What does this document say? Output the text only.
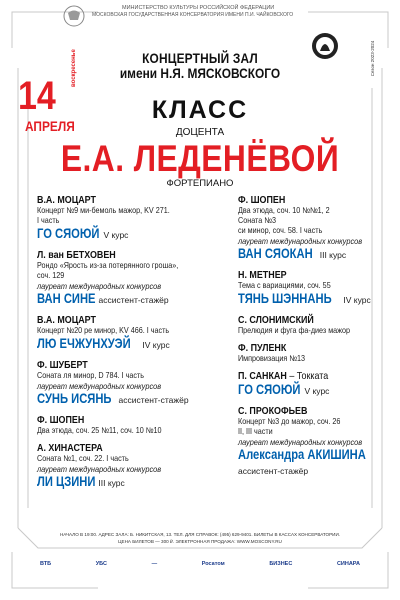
МИНИСТЕРСТВО КУЛЬТУРЫ РОССИЙСКОЙ ФЕДЕРАЦИИ
МОСКОВСКАЯ ГОСУДАРСТВЕННАЯ КОНСЕРВАТОРИЯ ИМЕНИ П.И. ЧАЙКОВСКОГО
Сезон 2023-2024
КОНЦЕРТНЫЙ ЗАЛ
имени Н.Я. МЯСКОВСКОГО
14
воскресенье
АПРЕЛЯ
КЛАСС
ДОЦЕНТА
Е.А. ЛЕДЕНЁВОЙ
ФОРТЕПИАНО
В.А. МОЦАРТ
Концерт №9 ми-бемоль мажор, KV 271.
I часть
ГО СЯОЮЙ V курс
Л. ван БЕТХОВЕН
Рондо «Ярость из-за потерянного гроша»,
соч. 129
лауреат международных конкурсов
ВАН СИНЕ ассистент-стажёр
В.А. МОЦАРТ
Концерт №20 ре минор, KV 466. I часть
ЛЮ ЕЧЖУНХУЭЙ IV курс
Ф. ШУБЕРТ
Соната ля минор, D 784. I часть
лауреат международных конкурсов
СУНЬ ИСЯНЬ ассистент-стажёр
Ф. ШОПЕН
Два этюда, соч. 25 №11, соч. 10 №10
А. ХИНАСТЕРА
Соната №1, соч. 22. I часть
лауреат международных конкурсов
ЛИ ЦЗИНИ III курс
Ф. ШОПЕН
Два этюда, соч. 10 №№1, 2
Соната №3
си минор, соч. 58. I часть
лауреат международных конкурсов
ВАН СЯОКАН III курс
Н. МЕТНЕР
Тема с вариациями, соч. 55
ТЯНЬ ШЭННАНЬ IV курс
С. СЛОНИМСКИЙ
Прелюдия и фуга фа-диез мажор
Ф. ПУЛЕНК
Импровизация №13
П. САНКАН – Токката
ГО СЯОЮЙ V курс
С. ПРОКОФЬЕВ
Концерт №3 до мажор, соч. 26
II, III части
лауреат международных конкурсов
Александра АКИШИНА
ассистент-стажёр
НАЧАЛО В 19:00. АДРЕС ЗАЛА: Б. НИКИТСКАЯ, 13. ТЕЛ. ДЛЯ СПРАВОК: (495) 629-9401. БИЛЕТЫ В КАССАХ КОНСЕРВАТОРИИ.
ЦЕНА БИЛЕТОВ — 300 ₽. ЭЛЕКТРОННАЯ ПРОДАЖА: WWW.MOSCONY.RU
ВТБ	УБС	—	Росатом	БИЗНЕС	СИНАРА
